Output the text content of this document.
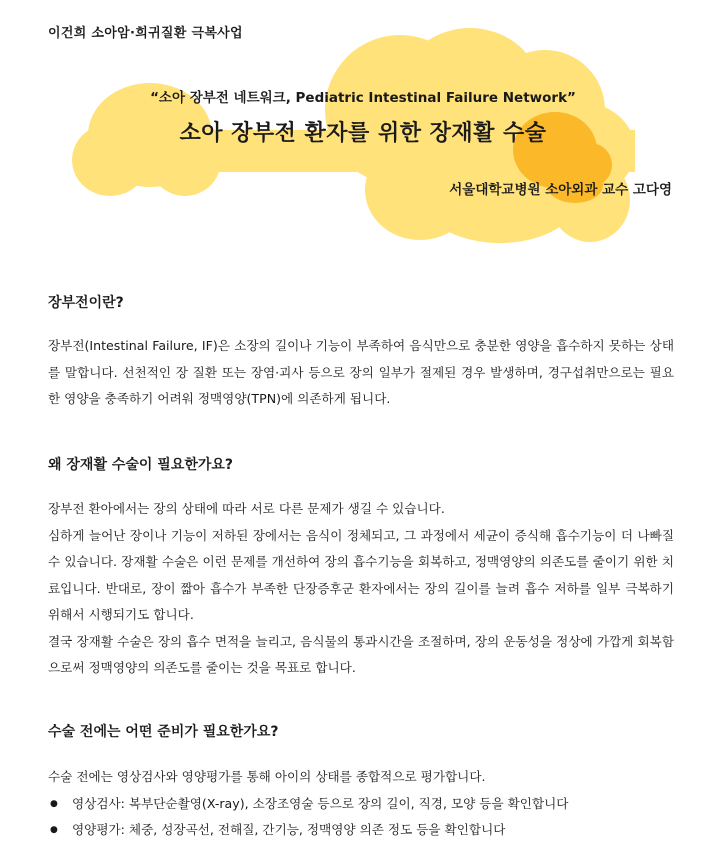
이건희 소아암·희귀질환 극복사업
“소아 장부전 네트워크, Pediatric Intestinal Failure Network”
소아 장부전 환자를 위한 장재활 수술
서울대학교병원 소아외과 교수 고다영
장부전이란?

장부전(Intestinal Failure, IF)은 소장의 길이나 기능이 부족하여 음식만으로 충분한 영양을 흡수하지 못하는 상태를 말합니다. 선천적인 장 질환 또는 장염·괴사 등으로 장의 일부가 절제된 경우 발생하며, 경구섭취만으로는 필요한 영양을 충족하기 어려워 정맥영양(TPN)에 의존하게 됩니다.

왜 장재활 수술이 필요한가요?

장부전 환아에서는 장의 상태에 따라 서로 다른 문제가 생길 수 있습니다.

심하게 늘어난 장이나 기능이 저하된 장에서는 음식이 정체되고, 그 과정에서 세균이 증식해 흡수기능이 더 나빠질 수 있습니다. 장재활 수술은 이런 문제를 개선하여 장의 흡수기능을 회복하고, 정맥영양의 의존도를 줄이기 위한 치료입니다. 반대로, 장이 짧아 흡수가 부족한 단장증후군 환자에서는 장의 길이를 늘려 흡수 저하를 일부 극복하기 위해서 시행되기도 합니다.

결국 장재활 수술은 장의 흡수 면적을 늘리고, 음식물의 통과시간을 조절하며, 장의 운동성을 정상에 가깝게 회복함으로써 정맥영양의 의존도를 줄이는 것을 목표로 합니다.

수술 전에는 어떤 준비가 필요한가요?

수술 전에는 영상검사와 영양평가를 통해 아이의 상태를 종합적으로 평가합니다.

● 영상검사: 복부단순촬영(X-ray), 소장조영술 등으로 장의 길이, 직경, 모양 등을 확인합니다
● 영양평가: 체중, 성장곡선, 전해질, 간기능, 정맥영양 의존 정도 등을 확인합니다
